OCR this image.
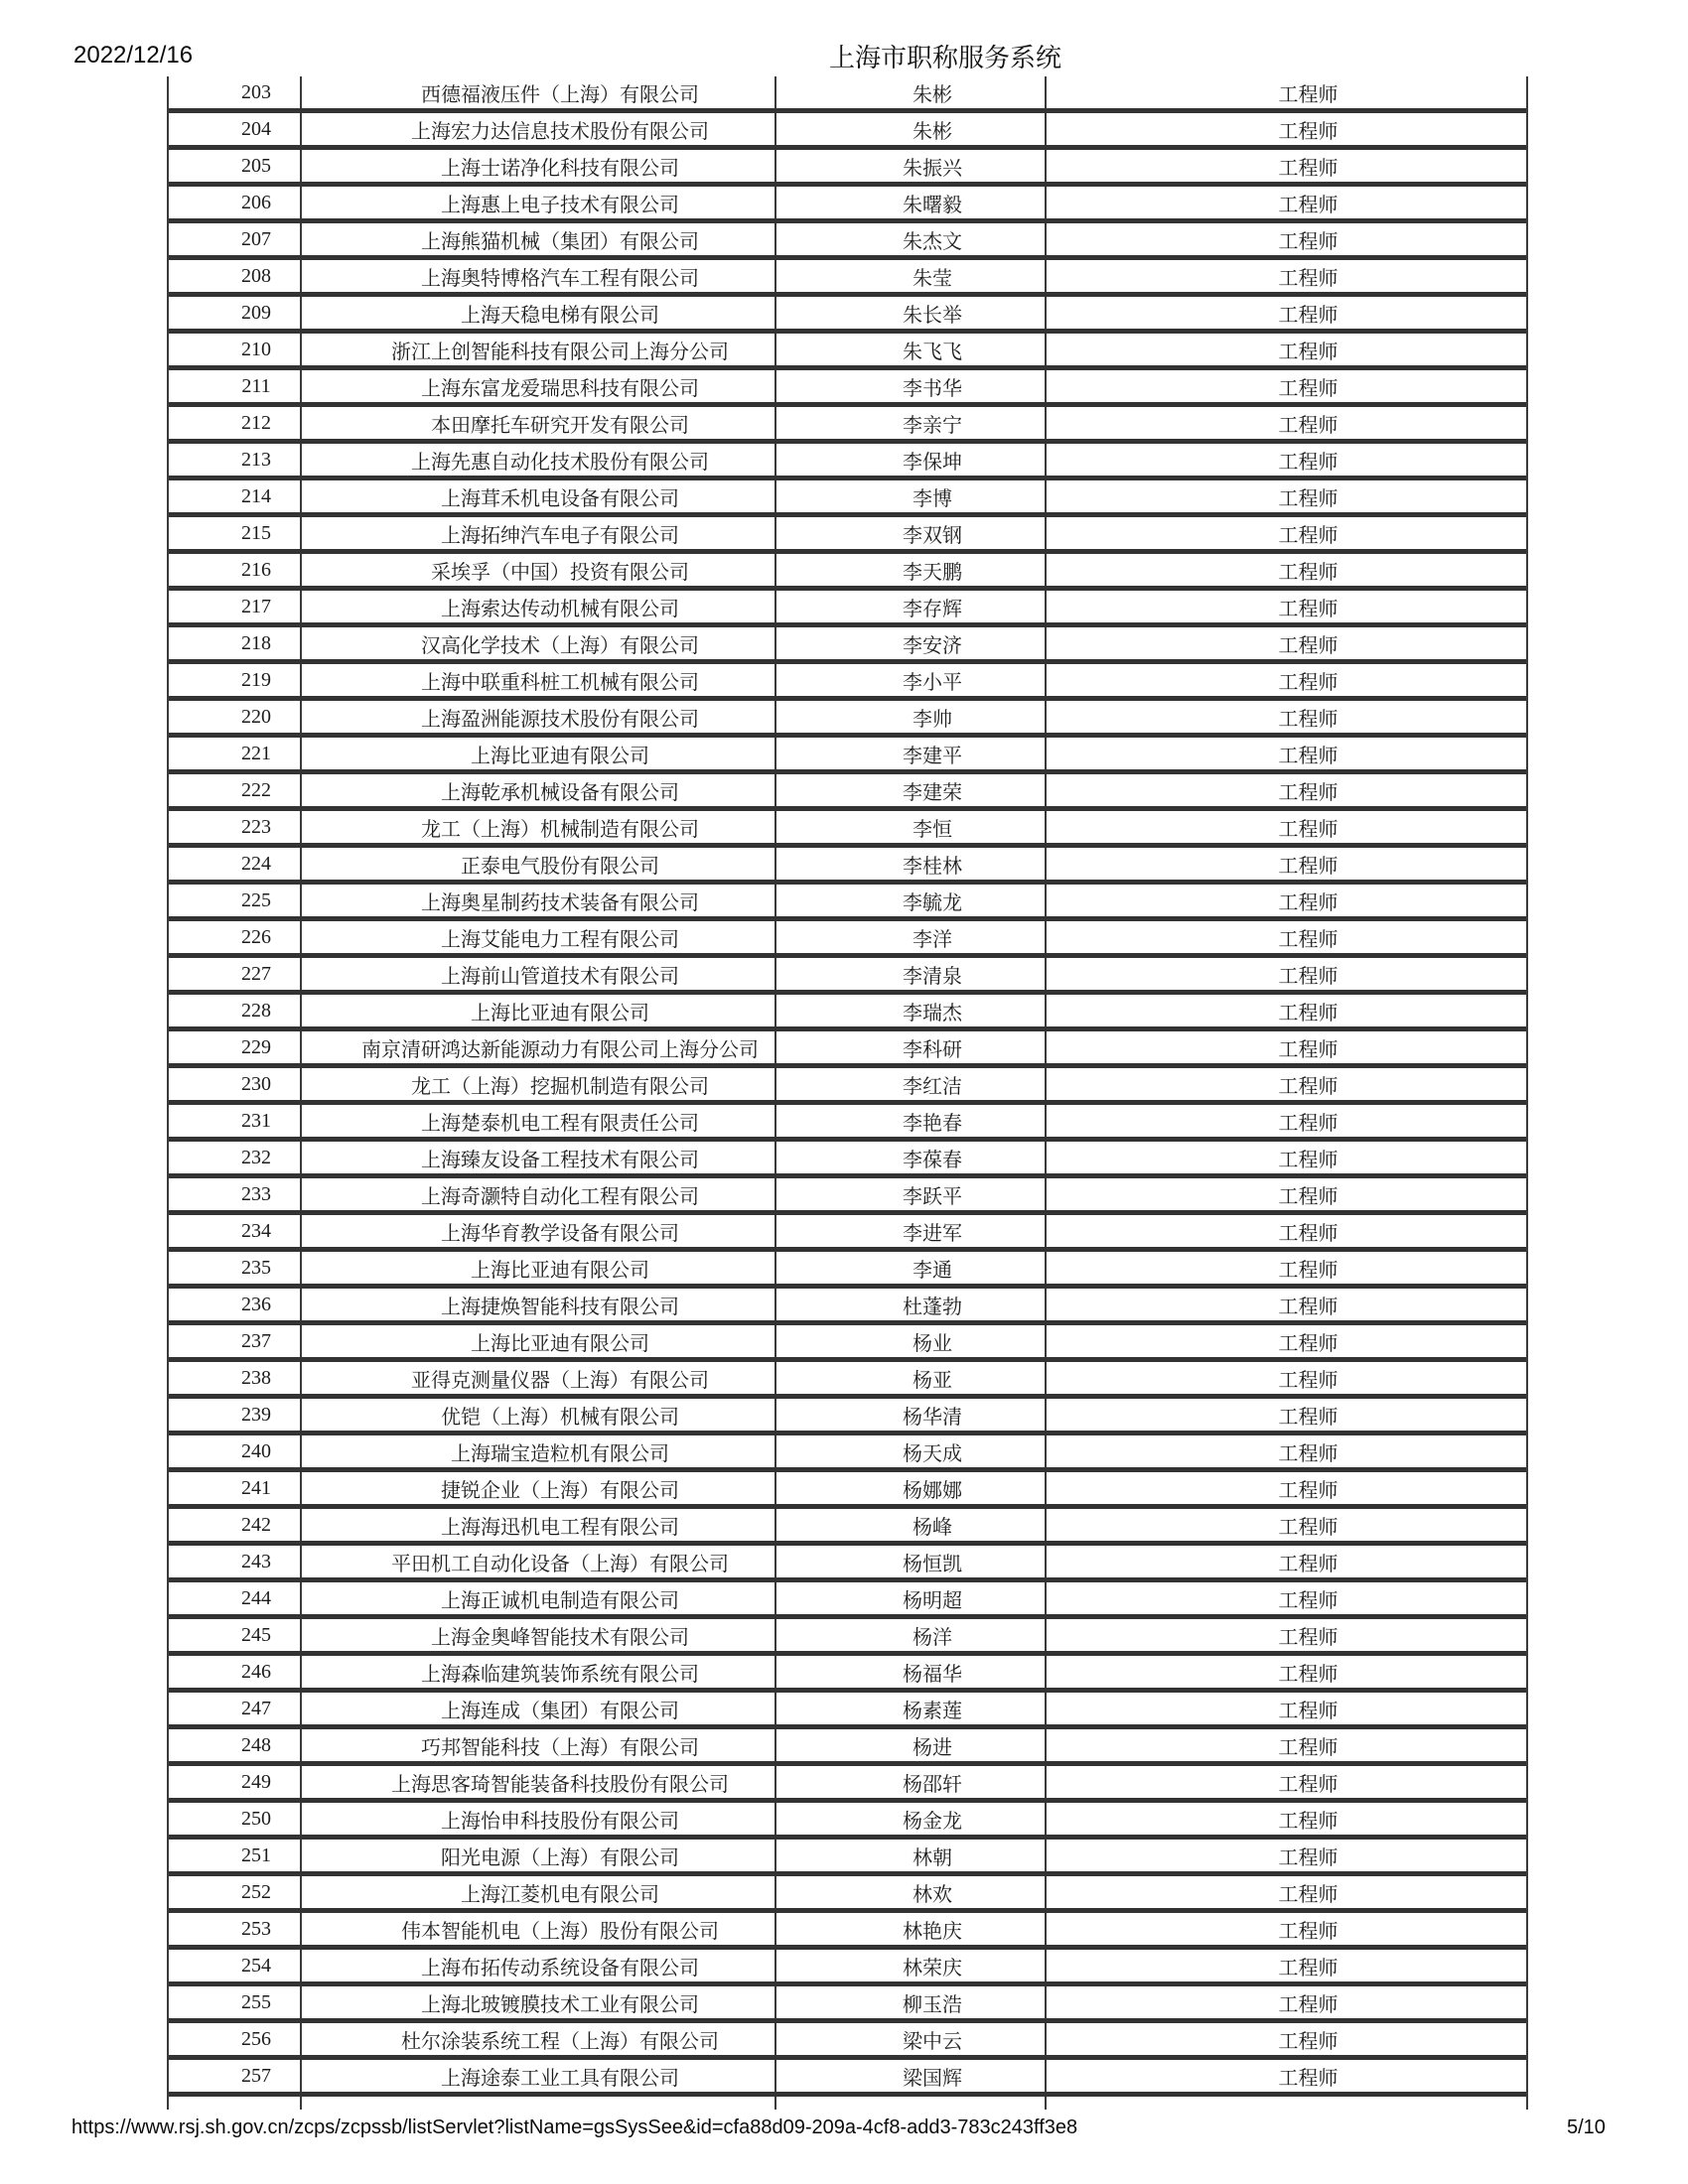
2022/12/16	上海市职称服务系统
203	西德福液压件（上海）有限公司	朱彬	工程师
204	上海宏力达信息技术股份有限公司	朱彬	工程师
205	上海士诺净化科技有限公司	朱振兴	工程师
206	上海惠上电子技术有限公司	朱曙毅	工程师
207	上海熊猫机械（集团）有限公司	朱杰文	工程师
208	上海奥特博格汽车工程有限公司	朱莹	工程师
209	上海天稳电梯有限公司	朱长举	工程师
210	浙江上创智能科技有限公司上海分公司	朱飞飞	工程师
211	上海东富龙爱瑞思科技有限公司	李书华	工程师
212	本田摩托车研究开发有限公司	李亲宁	工程师
213	上海先惠自动化技术股份有限公司	李保坤	工程师
214	上海茸禾机电设备有限公司	李博	工程师
215	上海拓绅汽车电子有限公司	李双钢	工程师
216	采埃孚（中国）投资有限公司	李天鹏	工程师
217	上海索达传动机械有限公司	李存辉	工程师
218	汉高化学技术（上海）有限公司	李安济	工程师
219	上海中联重科桩工机械有限公司	李小平	工程师
220	上海盈洲能源技术股份有限公司	李帅	工程师
221	上海比亚迪有限公司	李建平	工程师
222	上海乾承机械设备有限公司	李建荣	工程师
223	龙工（上海）机械制造有限公司	李恒	工程师
224	正泰电气股份有限公司	李桂林	工程师
225	上海奥星制药技术装备有限公司	李毓龙	工程师
226	上海艾能电力工程有限公司	李洋	工程师
227	上海前山管道技术有限公司	李清泉	工程师
228	上海比亚迪有限公司	李瑞杰	工程师
229	南京清研鸿达新能源动力有限公司上海分公司	李科研	工程师
230	龙工（上海）挖掘机制造有限公司	李红洁	工程师
231	上海楚泰机电工程有限责任公司	李艳春	工程师
232	上海臻友设备工程技术有限公司	李葆春	工程师
233	上海奇灏特自动化工程有限公司	李跃平	工程师
234	上海华育教学设备有限公司	李进军	工程师
235	上海比亚迪有限公司	李通	工程师
236	上海捷焕智能科技有限公司	杜蓬勃	工程师
237	上海比亚迪有限公司	杨业	工程师
238	亚得克测量仪器（上海）有限公司	杨亚	工程师
239	优铠（上海）机械有限公司	杨华清	工程师
240	上海瑞宝造粒机有限公司	杨天成	工程师
241	捷锐企业（上海）有限公司	杨娜娜	工程师
242	上海海迅机电工程有限公司	杨峰	工程师
243	平田机工自动化设备（上海）有限公司	杨恒凯	工程师
244	上海正诚机电制造有限公司	杨明超	工程师
245	上海金奥峰智能技术有限公司	杨洋	工程师
246	上海森临建筑装饰系统有限公司	杨福华	工程师
247	上海连成（集团）有限公司	杨素莲	工程师
248	巧邦智能科技（上海）有限公司	杨进	工程师
249	上海思客琦智能装备科技股份有限公司	杨邵轩	工程师
250	上海怡申科技股份有限公司	杨金龙	工程师
251	阳光电源（上海）有限公司	林朝	工程师
252	上海江菱机电有限公司	林欢	工程师
253	伟本智能机电（上海）股份有限公司	林艳庆	工程师
254	上海布拓传动系统设备有限公司	林荣庆	工程师
255	上海北玻镀膜技术工业有限公司	柳玉浩	工程师
256	杜尔涂装系统工程（上海）有限公司	梁中云	工程师
257	上海途泰工业工具有限公司	梁国辉	工程师
https://www.rsj.sh.gov.cn/zcps/zcpssb/listServlet?listName=gsSysSee&id=cfa88d09-209a-4cf8-add3-783c243ff3e8	5/10
